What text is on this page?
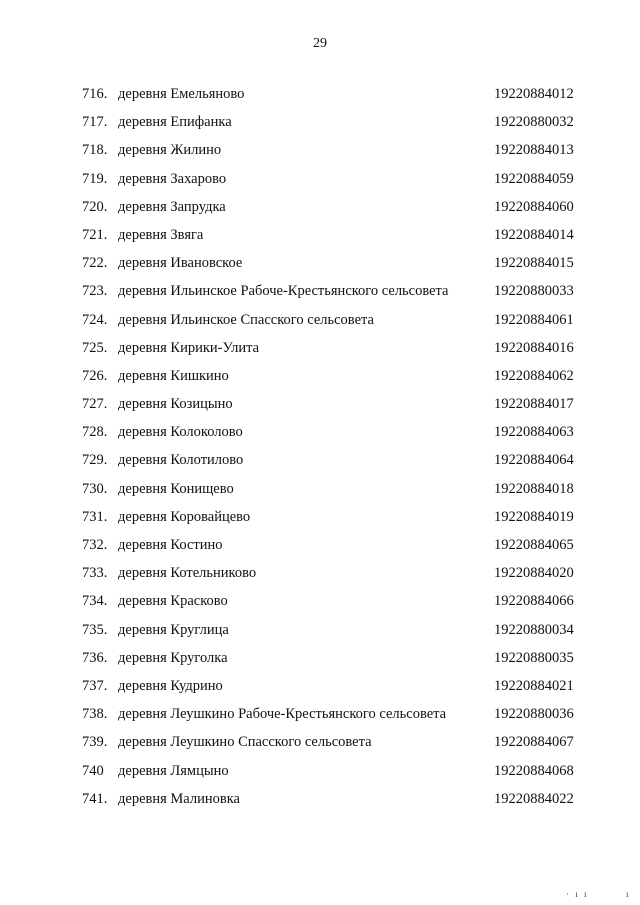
29
716. деревня Емельяново	19220884012
717. деревня Епифанка	19220880032
718. деревня Жилино	19220884013
719. деревня Захарово	19220884059
720. деревня Запрудка	19220884060
721. деревня Звяга	19220884014
722. деревня Ивановское	19220884015
723. деревня Ильинское Рабоче-Крестьянского сельсовета	19220880033
724. деревня Ильинское Спасского сельсовета	19220884061
725. деревня Кирики-Улита	19220884016
726. деревня Кишкино	19220884062
727. деревня Козицыно	19220884017
728. деревня Колоколово	19220884063
729. деревня Колотилово	19220884064
730. деревня Конищево	19220884018
731. деревня Коровайцево	19220884019
732. деревня Костино	19220884065
733. деревня Котельниково	19220884020
734. деревня Красково	19220884066
735. деревня Круглица	19220880034
736. деревня Круголка	19220880035
737. деревня Кудрино	19220884021
738. деревня Леушкино Рабоче-Крестьянского сельсовета	19220880036
739. деревня Леушкино Спасского сельсовета	19220884067
740 деревня Лямцыно	19220884068
741. деревня Малиновка	19220884022
· ı ı	ı
